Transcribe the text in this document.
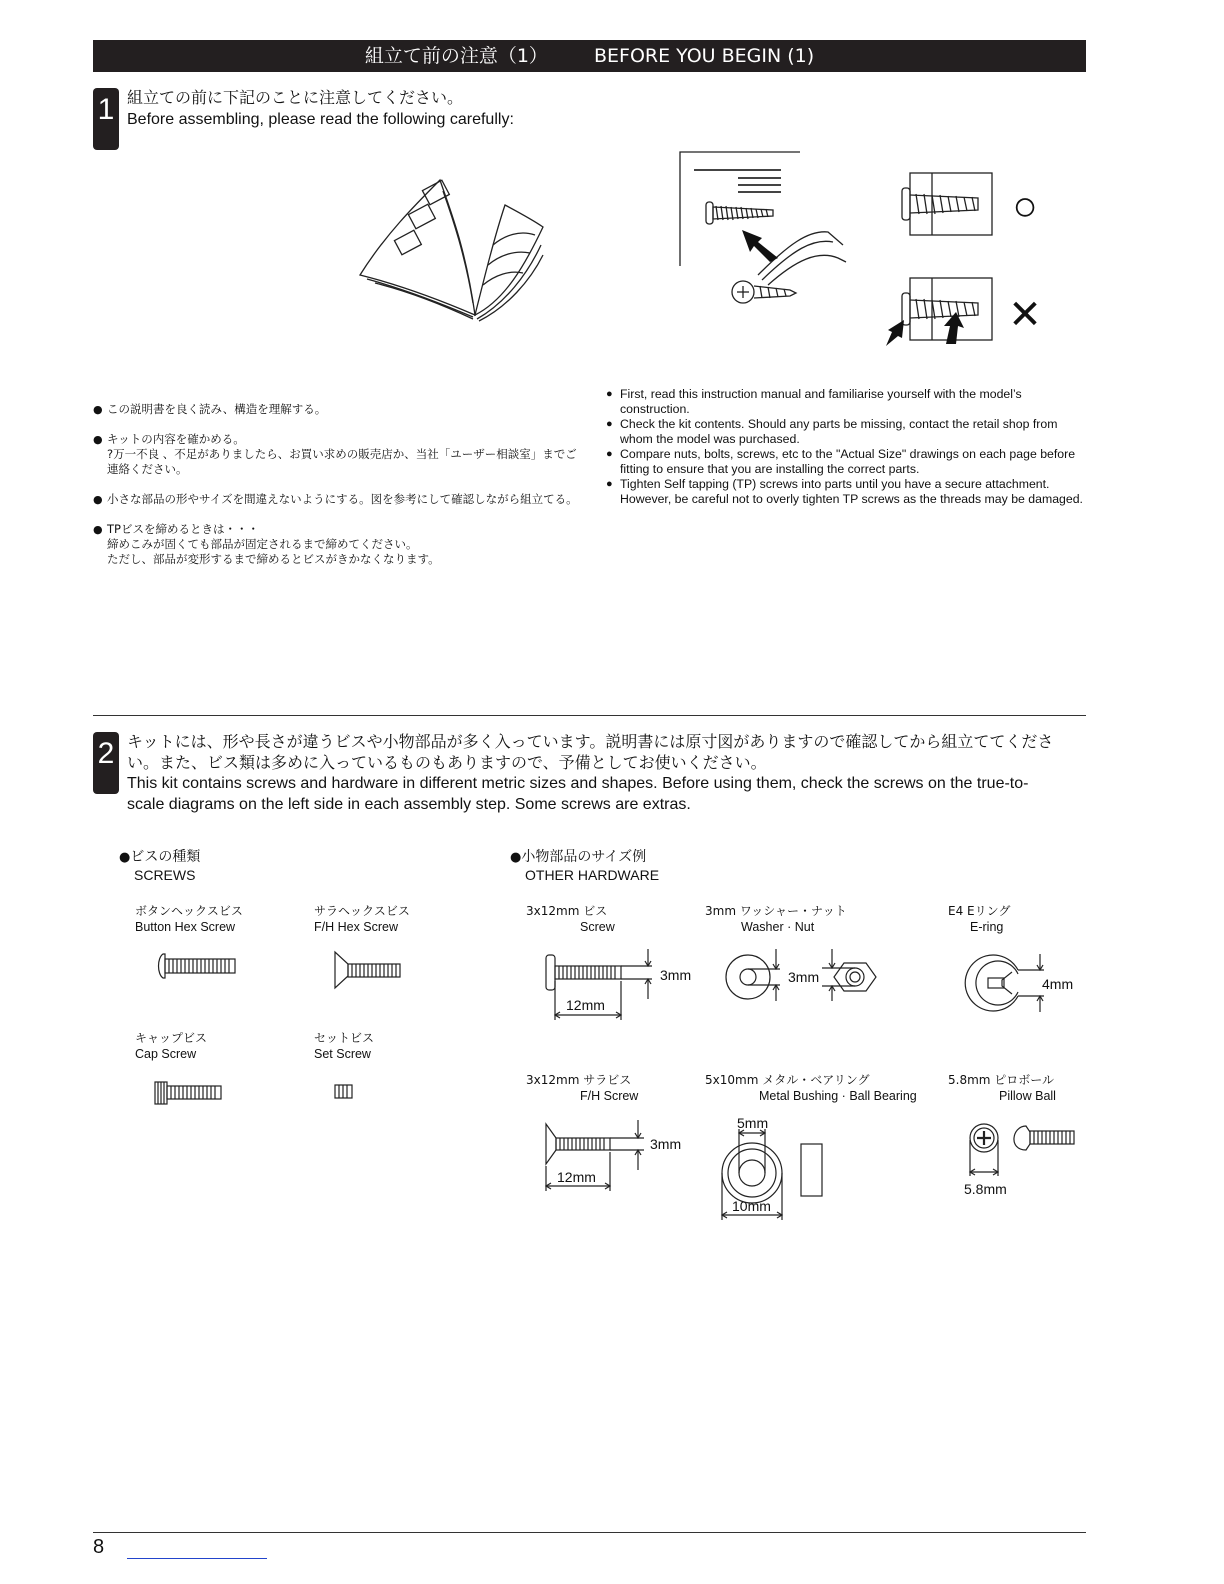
組立て前の注意（1） BEFORE YOU BEGIN (1)
1 組立ての前に下記のことに注意してください。
Before assembling, please read the following carefully:
○
✕

● この説明書を良く読み、構造を理解する。

● キットの内容を確かめる。
?万一不良 、不足がありましたら、お買い求めの販売店か、当社「ユーザー相談室」までご連絡ください。

● 小さな部品の形やサイズを間違えないようにする。図を参考にして確認しながら組立てる。

● TPビスを締めるときは・・・
締めこみが固くても部品が固定されるまで締めてください。
ただし、部品が変形するまで締めるとビスがきかなくなります。

● First, read this instruction manual and familiarise yourself with the model’s construction.
● Check the kit contents. Should any parts be missing, contact the retail shop from whom the model was purchased.
● Compare nuts, bolts, screws, etc to the "Actual Size" drawings on each page before fitting to ensure that you are installing the correct parts.
● Tighten Self tapping (TP) screws into parts until you have a secure attachment. However, be careful not to overly tighten TP screws as the threads may be damaged.
2 キットには、形や長さが違うビスや小物部品が多く入っています。説明書には原寸図がありますので確認してから組立ててください。また、ビス類は多めに入っているものもありますので、予備としてお使いください。
This kit contains screws and hardware in different metric sizes and shapes. Before using them, check the screws on the true-to-scale diagrams on the left side in each assembly step. Some screws are extras.
●ビスの種類
SCREWS
ボタンヘックスビス
Button Hex Screw
サラヘックスビス
F/H Hex Screw
キャップビス
Cap Screw
セットビス
Set Screw
●小物部品のサイズ例
OTHER HARDWARE
3x12mm ビス
Screw
3mm ワッシャー・ナット
Washer · Nut
E4 Eリング
E-ring
3x12mm サラビス
F/H Screw
5x10mm メタル・ベアリング
Metal Bushing · Ball Bearing
5.8mm ピロボール
Pillow Ball
3mm
12mm
3mm	4mm
3mm
12mm
5mm
10mm
5.8mm
8
